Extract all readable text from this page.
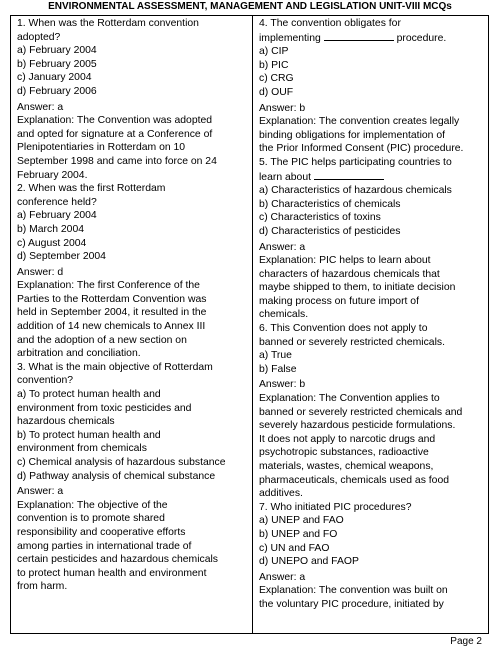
ENVIRONMENTAL ASSESSMENT, MANAGEMENT AND LEGISLATION UNIT-VIII MCQs
1. When was the Rotterdam convention
adopted?
a) February 2004
b) February 2005
c) January 2004
d) February 2006
Answer: a
Explanation: The Convention was adopted
and opted for signature at a Conference of
Plenipotentiaries in Rotterdam on 10
September 1998 and came into force on 24
February 2004.
2. When was the first Rotterdam
conference held?
a) February 2004
b) March 2004
c) August 2004
d) September 2004
Answer: d
Explanation: The first Conference of the
Parties to the Rotterdam Convention was
held in September 2004, it resulted in the
addition of 14 new chemicals to Annex III
and the adoption of a new section on
arbitration and conciliation.
3. What is the main objective of Rotterdam
convention?
a) To protect human health and
environment from toxic pesticides and
hazardous chemicals
b) To protect human health and
environment from chemicals
c) Chemical analysis of hazardous substance
d) Pathway analysis of chemical substance
Answer: a
Explanation: The objective of the
convention is to promote shared
responsibility and cooperative efforts
among parties in international trade of
certain pesticides and hazardous chemicals
to protect human health and environment
from harm.
4. The convention obligates for
implementing	procedure.
a) CIP
b) PIC
c) CRG
d) OUF
Answer: b
Explanation: The convention creates legally
binding obligations for implementation of
the Prior Informed Consent (PIC) procedure.
5. The PIC helps participating countries to
learn about
a) Characteristics of hazardous chemicals
b) Characteristics of chemicals
c) Characteristics of toxins
d) Characteristics of pesticides
Answer: a
Explanation: PIC helps to learn about
characters of hazardous chemicals that
maybe shipped to them, to initiate decision
making process on future import of
chemicals.
6. This Convention does not apply to
banned or severely restricted chemicals.
a) True
b) False
Answer: b
Explanation: The Convention applies to
banned or severely restricted chemicals and
severely hazardous pesticide formulations.
It does not apply to narcotic drugs and
psychotropic substances, radioactive
materials, wastes, chemical weapons,
pharmaceuticals, chemicals used as food
additives.
7. Who initiated PIC procedures?
a) UNEP and FAO
b) UNEP and FO
c) UN and FAO
d) UNEPO and FAOP
Answer: a
Explanation: The convention was built on
the voluntary PIC procedure, initiated by
Page 2
